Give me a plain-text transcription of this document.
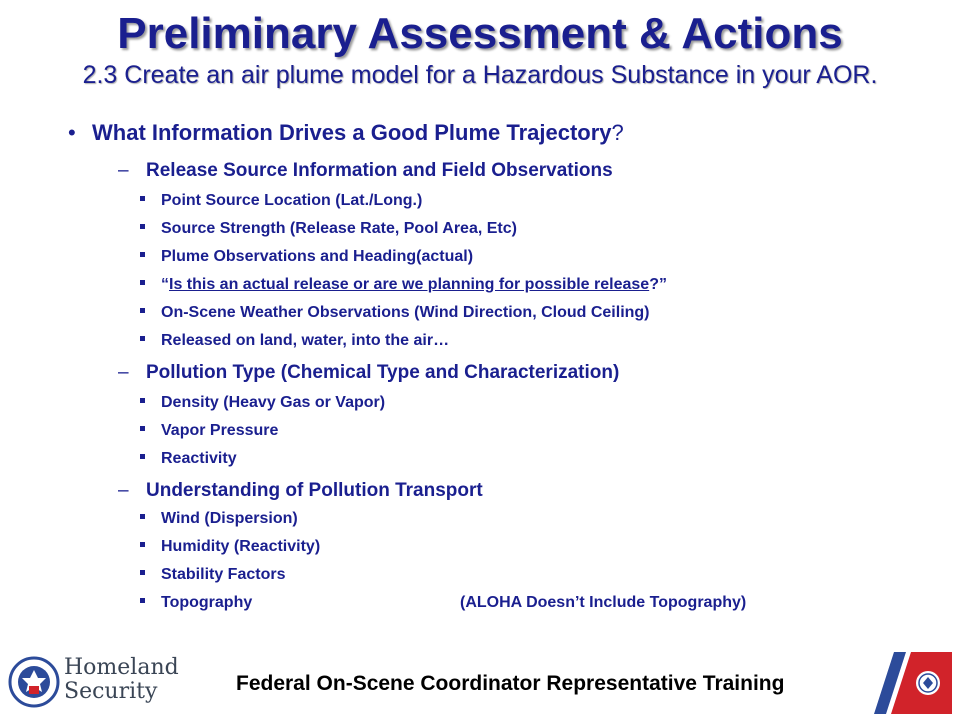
Preliminary Assessment & Actions
2.3 Create an air plume model for a Hazardous Substance in your AOR.
• What Information Drives a Good Plume Trajectory?
– Release Source Information and Field Observations
Point Source Location (Lat./Long.)
Source Strength (Release Rate, Pool Area, Etc)
Plume Observations and Heading(actual)
“Is this an actual release or are we planning for possible release?”
On-Scene Weather Observations (Wind Direction, Cloud Ceiling)
Released on land, water, into the air…
– Pollution Type (Chemical Type and Characterization)
Density (Heavy Gas or Vapor)
Vapor Pressure
Reactivity
– Understanding of Pollution Transport
Wind (Dispersion)
Humidity (Reactivity)
Stability Factors
Topography	(ALOHA Doesn’t Include Topography)
Homeland
Security	Federal On-Scene Coordinator Representative Training
